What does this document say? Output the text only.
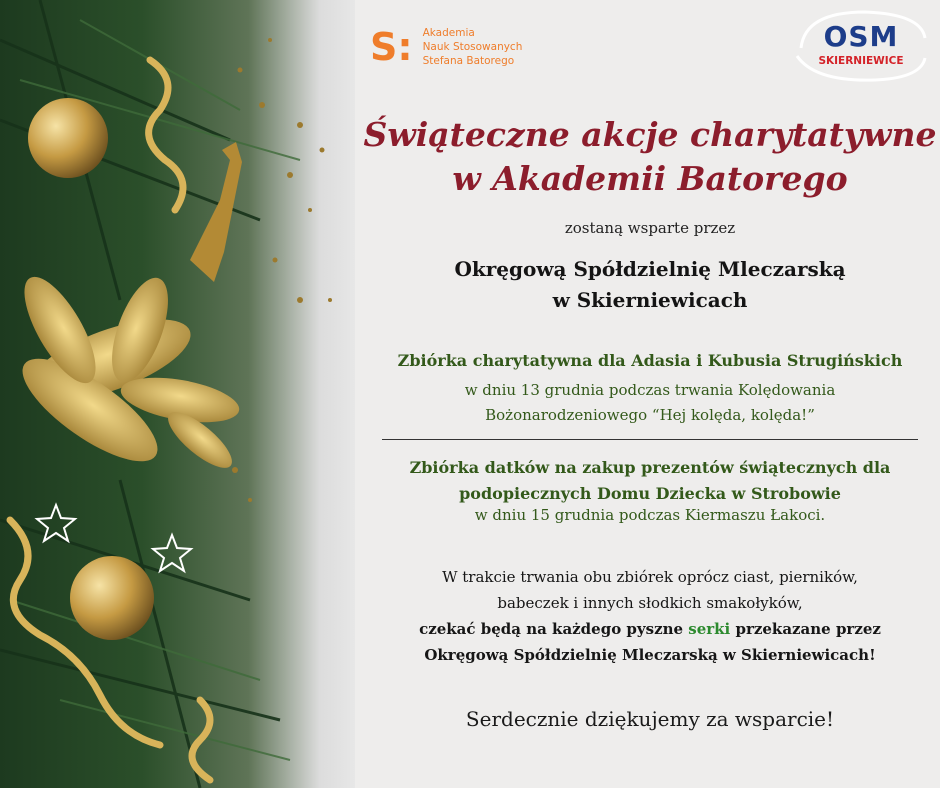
S: Akademia
Nauk Stosowanych
Stefana Batorego
OSM
SKIERNIEWICE
Świąteczne akcje charytatywne
w Akademii Batorego
zostaną wsparte przez
Okręgową Spółdzielnię Mleczarską
w Skierniewicach
Zbiórka charytatywna dla Adasia i Kubusia Strugińskich
w dniu 13 grudnia podczas trwania Kolędowania
Bożonarodzeniowego “Hej kolęda, kolęda!”
Zbiórka datków na zakup prezentów świątecznych dla
podopiecznych Domu Dziecka w Strobowie
w dniu 15 grudnia podczas Kiermaszu Łakoci.
W trakcie trwania obu zbiórek oprócz ciast, pierników,
babeczek i innych słodkich smakołyków,
czekać będą na każdego pyszne serki przekazane przez
Okręgową Spółdzielnię Mleczarską w Skierniewicach!
Serdecznie dziękujemy za wsparcie!
